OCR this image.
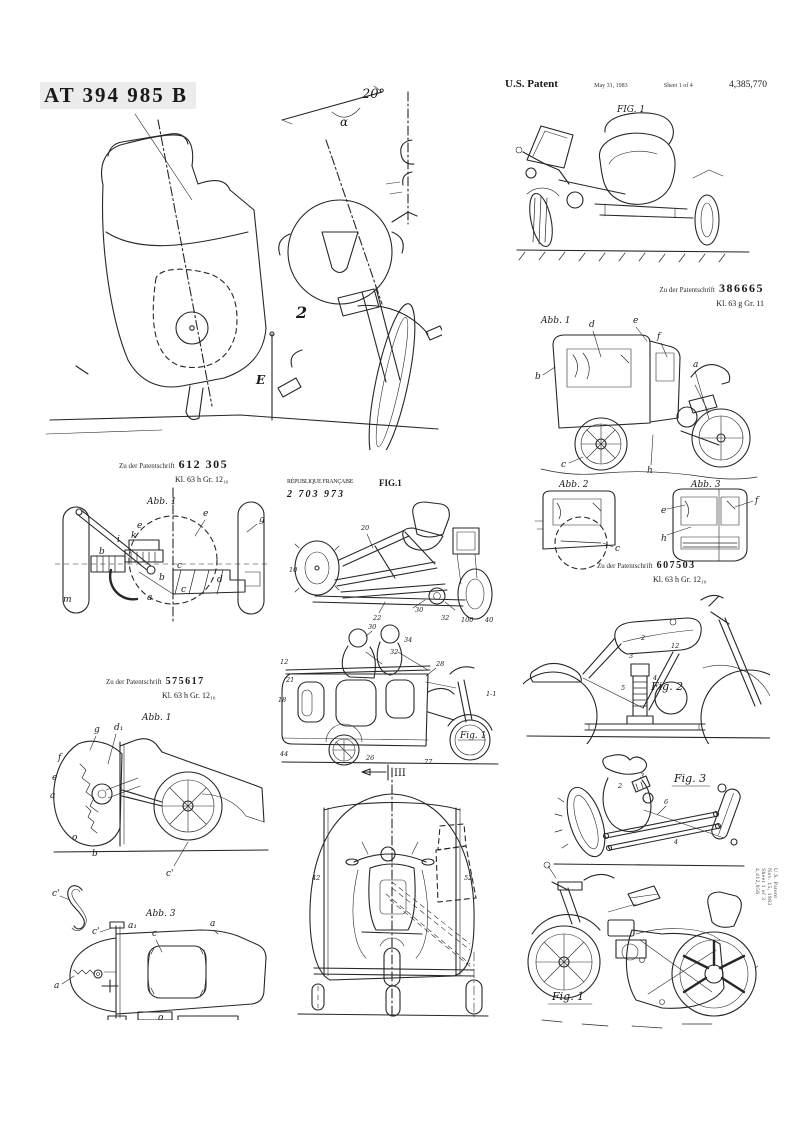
AT 394 985 B	20°
α
2
E
U.S. Patent	May 31, 1983	Sheet 1 of 4	4,385,770
FIG. 1
Zu der Patentschrift 386665
Kl. 63 g Gr. 11
Abb. 1
b
d	e
f
a
c
h
Abb. 2
c
Abb. 3
e
f
h
Zu der Patentschrift 612 305
Kl. 63 h Gr. 12₁₀
Abb. 1
e
e
b
b
c
c
d
g
m	a
i k
RÉPUBLIQUE FRANÇAISE
2 703 973
FIG.1
10
20
22
30
32 100 40
30
34
32
28
12
21
18
44	26	77
1-1
Fig. 1
Zu der Patentschrift 607503
Kl. 63 h Gr. 12₁₀
2
3
12
4
5 Fig. 2
Zu der Patentschrift 575617
Kl. 63 h Gr. 12₁₀
Abb. 1
g d₁
f
e
a
o
b
c'
c'
Abb. 3
c'
a₁
c
a
a
o
III
42	52
Fig. 3
2
3
6
4
Fig. 1
U.S. Patent
Nov. 15, 1983
Sheet 1 of 3
4,412,056
